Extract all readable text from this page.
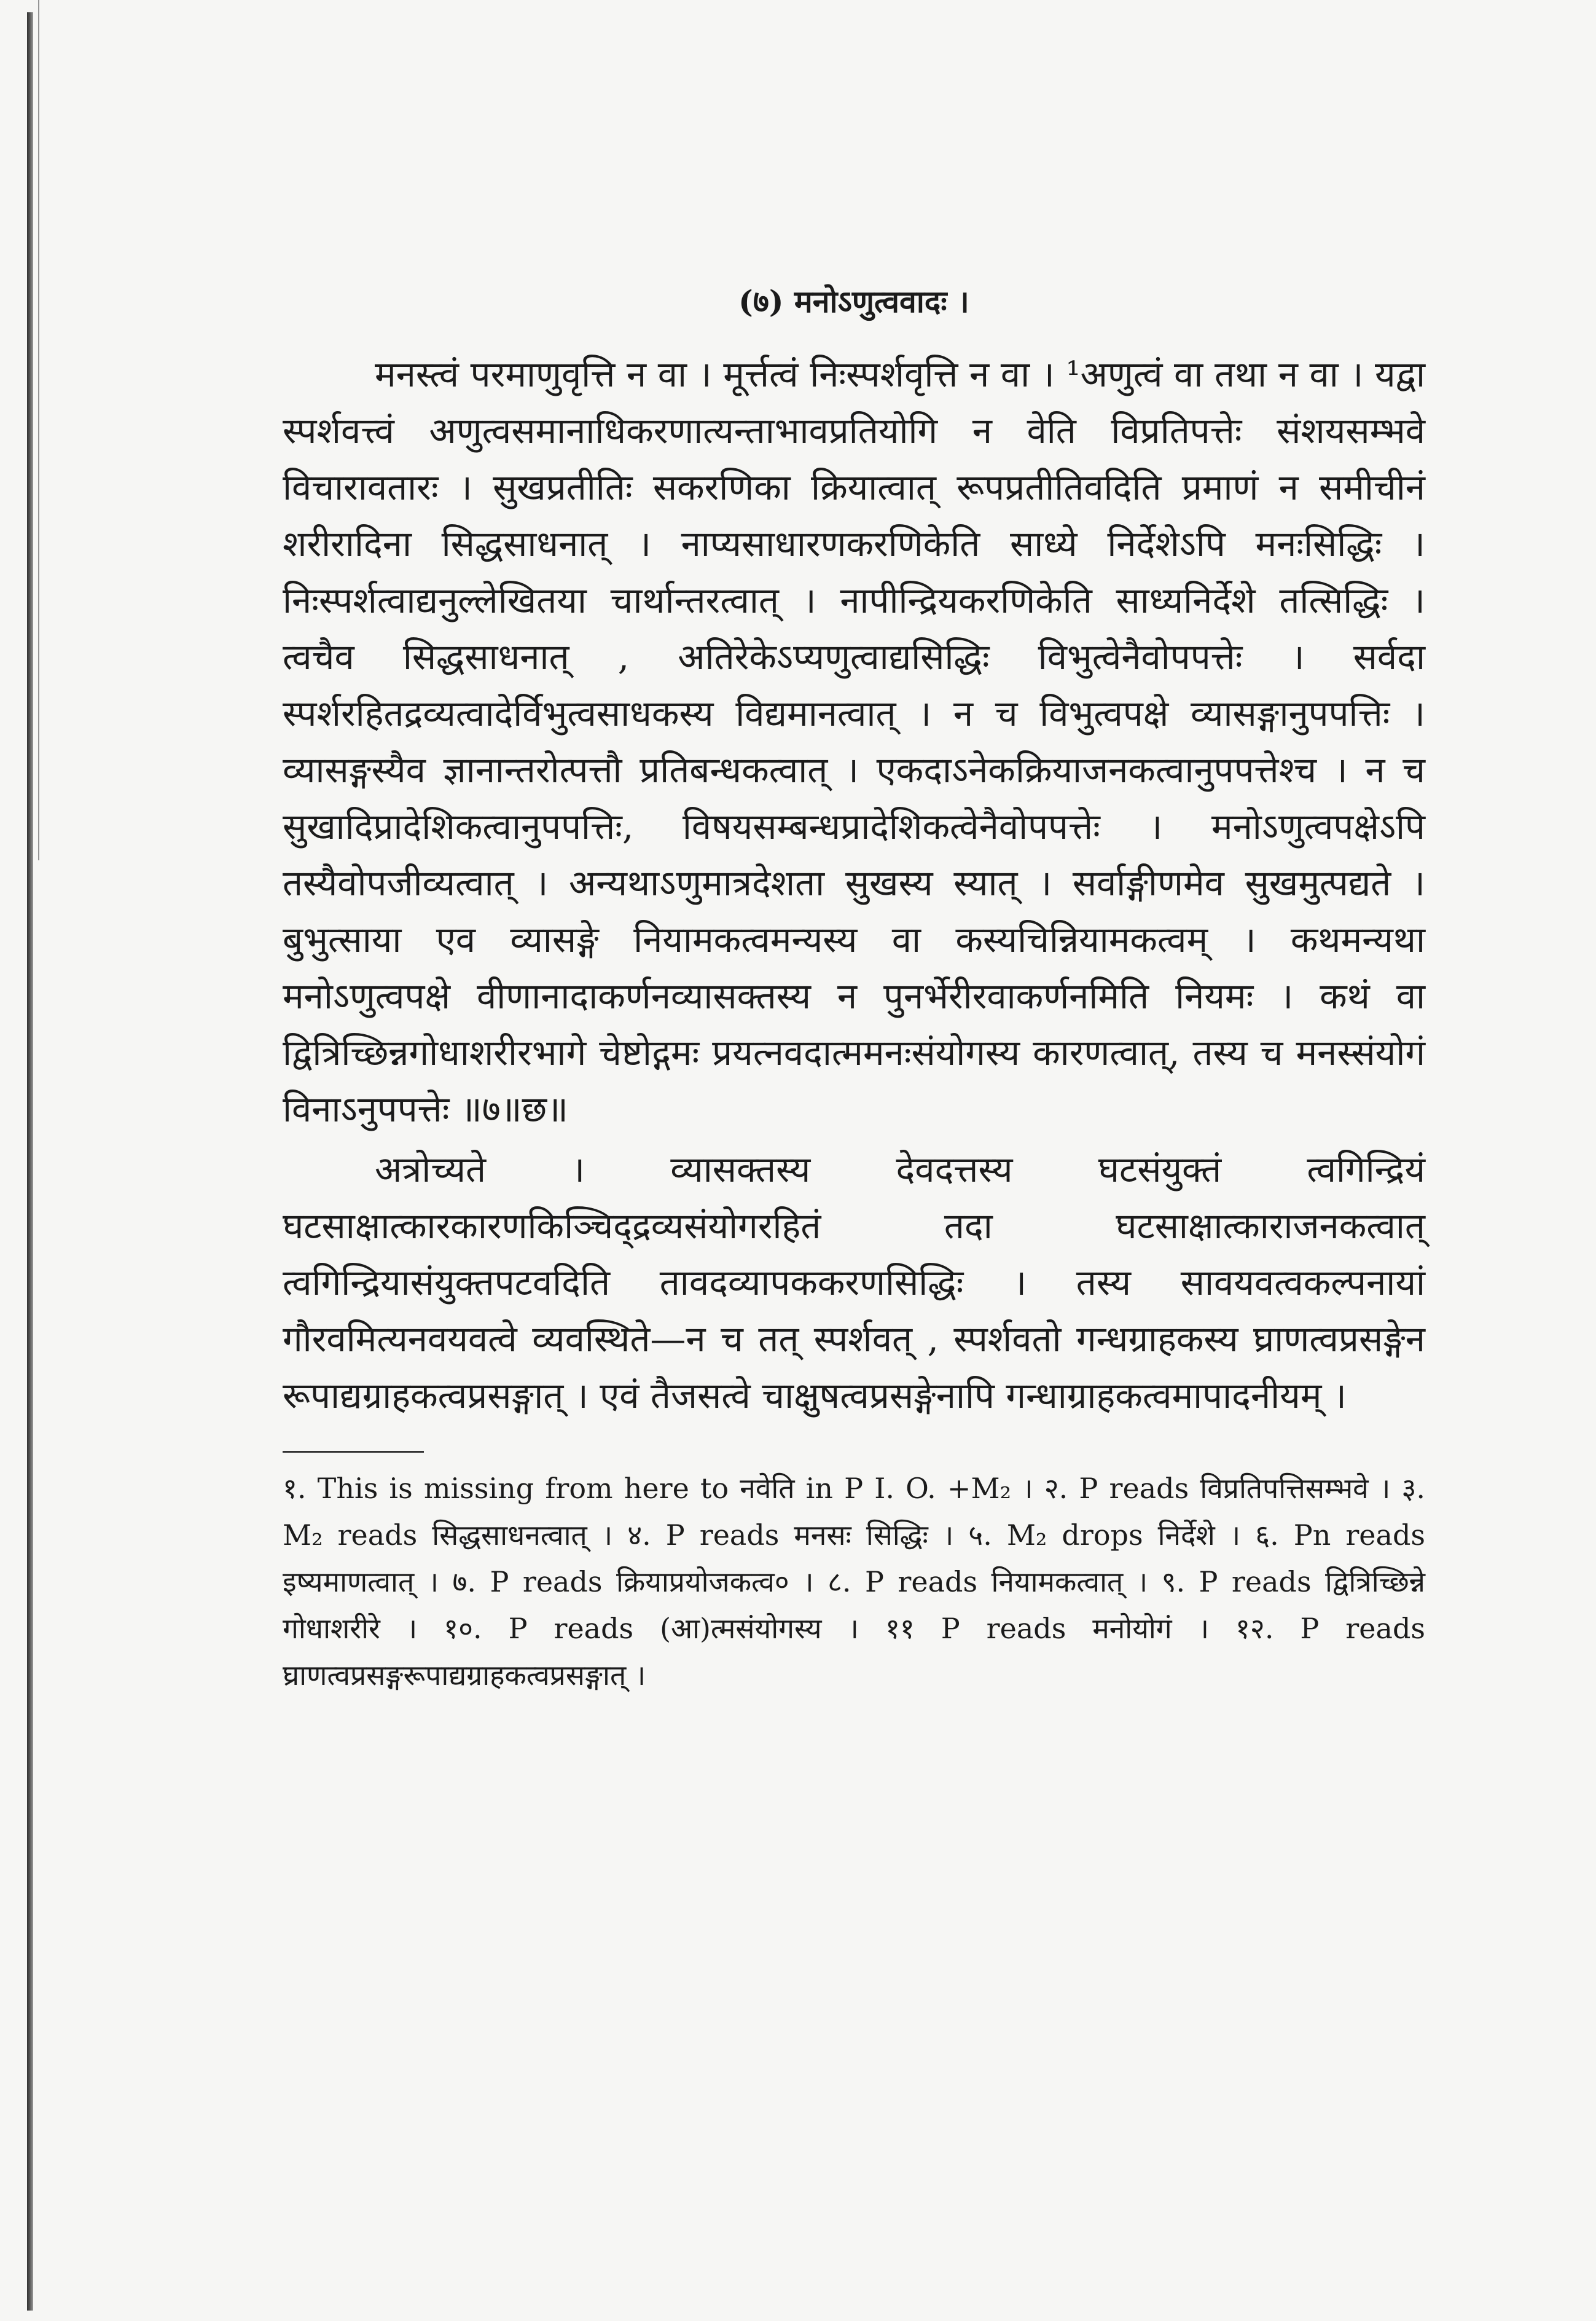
(७) मनोऽणुत्ववादः ।

मनस्त्वं परमाणुवृत्ति न वा । मूर्त्तत्वं निःस्पर्शवृत्ति न वा । ¹अणुत्वं वा तथा न वा । यद्वा स्पर्शवत्त्वं अणुत्वसमानाधिकरणात्यन्ताभावप्रतियोगि न वेति विप्रतिपत्तेः संशयसम्भवे विचारावतारः । सुखप्रतीतिः सकरणिका क्रियात्वात् रूपप्रतीतिवदिति प्रमाणं न समीचीनं शरीरादिना सिद्धसाधनात् । नाप्यसाधारणकरणिकेति साध्ये निर्देशेऽपि मनःसिद्धिः । निःस्पर्शत्वाद्यनुल्लेखितया चार्थान्तरत्वात् । नापीन्द्रियकरणिकेति साध्यनिर्देशे तत्सिद्धिः । त्वचैव सिद्धसाधनात् , अतिरेकेऽप्यणुत्वाद्यसिद्धिः विभुत्वेनैवोपपत्तेः । सर्वदा स्पर्शरहितद्रव्यत्वादेर्विभुत्वसाधकस्य विद्यमानत्वात् । न च विभुत्वपक्षे व्यासङ्गानुपपत्तिः । व्यासङ्गस्यैव ज्ञानान्तरोत्पत्तौ प्रतिबन्धकत्वात् । एकदाऽनेकक्रियाजनकत्वानुपपत्तेश्च । न च सुखादिप्रादेशिकत्वानुपपत्तिः, विषयसम्बन्धप्रादेशिकत्वेनैवोपपत्तेः । मनोऽणुत्वपक्षेऽपि तस्यैवोपजीव्यत्वात् । अन्यथाऽणुमात्रदेशता सुखस्य स्यात् । सर्वाङ्गीणमेव सुखमुत्पद्यते । बुभुत्साया एव व्यासङ्गे नियामकत्वमन्यस्य वा कस्यचिन्नियामकत्वम् । कथमन्यथा मनोऽणुत्वपक्षे वीणानादाकर्णनव्यासक्तस्य न पुनर्भेरीरवाकर्णनमिति नियमः । कथं वा द्वित्रिच्छिन्नगोधाशरीरभागे चेष्टोद्गमः प्रयत्नवदात्ममनःसंयोगस्य कारणत्वात्, तस्य च मनस्संयोगं विनाऽनुपपत्तेः ॥७॥छ॥

अत्रोच्यते । व्यासक्तस्य देवदत्तस्य घटसंयुक्तं त्वगिन्द्रियं घटसाक्षात्कारकारणकिञ्चिद्द्रव्यसंयोगरहितं तदा घटसाक्षात्काराजनकत्वात् त्वगिन्द्रियासंयुक्तपटवदिति तावदव्यापककरणसिद्धिः । तस्य सावयवत्वकल्पनायां गौरवमित्यनवयवत्वे व्यवस्थिते—न च तत् स्पर्शवत् , स्पर्शवतो गन्धग्राहकस्य घ्राणत्वप्रसङ्गेन रूपाद्यग्राहकत्वप्रसङ्गात् । एवं तैजसत्वे चाक्षुषत्वप्रसङ्गेनापि गन्धाग्राहकत्वमापादनीयम् ।

१. This is missing from here to नवेति in P I. O. +M₂ । २. P reads विप्रतिपत्तिसम्भवे । ३. M₂ reads सिद्धसाधनत्वात् । ४. P reads मनसः सिद्धिः । ५. M₂ drops निर्देशे । ६. Pn reads इष्यमाणत्वात् । ७. P reads क्रियाप्रयोजकत्व० । ८. P reads नियामकत्वात् । ९. P reads द्वित्रिच्छिन्ने गोधाशरीरे । १०. P reads (आ)त्मसंयोगस्य । ११ P reads मनोयोगं । १२. P reads घ्राणत्वप्रसङ्गरूपाद्यग्राहकत्वप्रसङ्गात् ।
